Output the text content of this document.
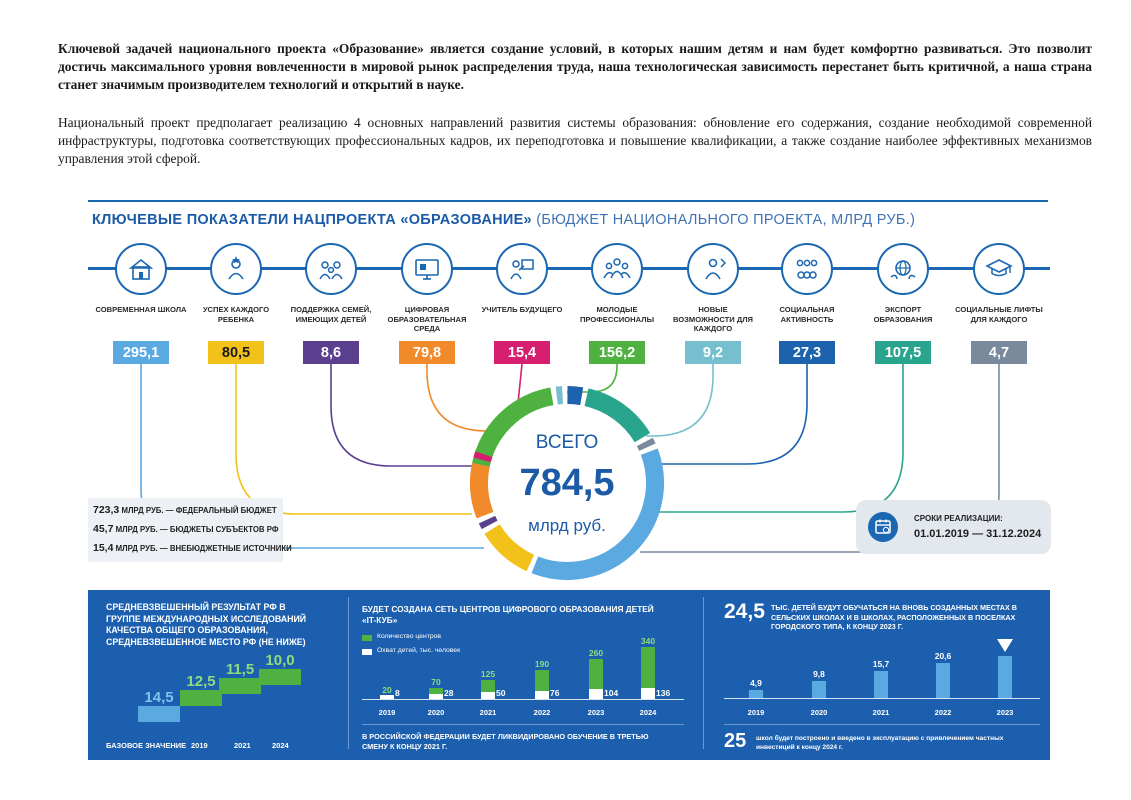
Ключевой задачей национального проекта «Образование» является создание условий, в которых нашим детям и нам будет комфортно развиваться. Это позволит достичь максимального уровня вовлеченности в мировой рынок распределения труда, наша технологическая зависимость перестанет быть критичной, а наша страна станет значимым производителем технологий и открытий в науке.

Национальный проект предполагает реализацию 4 основных направлений развития системы образования: обновление его содержания, создание необходимой современной инфраструктуры, подготовка соответствующих профессиональных кадров, их переподготовка и повышение квалификации, а также создание наиболее эффективных механизмов управления этой сферой.

КЛЮЧЕВЫЕ ПОКАЗАТЕЛИ НАЦПРОЕКТА «ОБРАЗОВАНИЕ» (БЮДЖЕТ НАЦИОНАЛЬНОГО ПРОЕКТА, МЛРД РУБ.)
СОВРЕМЕННАЯ ШКОЛА
295,1
УСПЕХ КАЖДОГО РЕБЕНКА
80,5
ПОДДЕРЖКА СЕМЕЙ, ИМЕЮЩИХ ДЕТЕЙ
8,6
ЦИФРОВАЯ ОБРАЗОВАТЕЛЬНАЯ СРЕДА
79,8
УЧИТЕЛЬ БУДУЩЕГО
15,4
МОЛОДЫЕ ПРОФЕССИОНАЛЫ
156,2
НОВЫЕ ВОЗМОЖНОСТИ ДЛЯ КАЖДОГО
9,2
СОЦИАЛЬНАЯ АКТИВНОСТЬ
27,3
ЭКСПОРТ ОБРАЗОВАНИЯ
107,5
СОЦИАЛЬНЫЕ ЛИФТЫ ДЛЯ КАЖДОГО
4,7
ВСЕГО
784,5
млрд руб.
723,3 МЛРД РУБ. — ФЕДЕРАЛЬНЫЙ БЮДЖЕТ
45,7 МЛРД РУБ. — БЮДЖЕТЫ СУБЪЕКТОВ РФ
15,4 МЛРД РУБ. — ВНЕБЮДЖЕТНЫЕ ИСТОЧНИКИ
СРОКИ РЕАЛИЗАЦИИ:
01.01.2019 — 31.12.2024
СРЕДНЕВЗВЕШЕННЫЙ РЕЗУЛЬТАТ РФ В ГРУППЕ МЕЖДУНАРОДНЫХ ИССЛЕДОВАНИЙ КАЧЕСТВА ОБЩЕГО ОБРАЗОВАНИЯ, СРЕДНЕВЗВЕШЕННОЕ МЕСТО РФ (НЕ НИЖЕ)
14,5
БАЗОВОЕ ЗНАЧЕНИЕ
12,5
2019
11,5
2021
10,0
2024
БУДЕТ СОЗДАНА СЕТЬ ЦЕНТРОВ ЦИФРОВОГО ОБРАЗОВАНИЯ ДЕТЕЙ «IT-КУБ»
Количество центров
Охват детей, тыс. человек
20 8
2019
70
28
2020
125
50
2021
190
76
2022
260
104
2023
340
136
2024
В РОССИЙСКОЙ ФЕДЕРАЦИИ БУДЕТ ЛИКВИДИРОВАНО ОБУЧЕНИЕ В ТРЕТЬЮ СМЕНУ К КОНЦУ 2021 Г.
24,5 ТЫС. ДЕТЕЙ БУДУТ ОБУЧАТЬСЯ НА ВНОВЬ СОЗДАННЫХ МЕСТАХ В СЕЛЬСКИХ ШКОЛАХ И В ШКОЛАХ, РАСПОЛОЖЕННЫХ В ПОСЕЛКАХ ГОРОДСКОГО ТИПА, К КОНЦУ 2023 Г.
4,9
2019
9,8
2020
15,7
2021
20,6
2022	2023
25 школ будет построено и введено в эксплуатацию с привлечением частных инвестиций к концу 2024 г.
